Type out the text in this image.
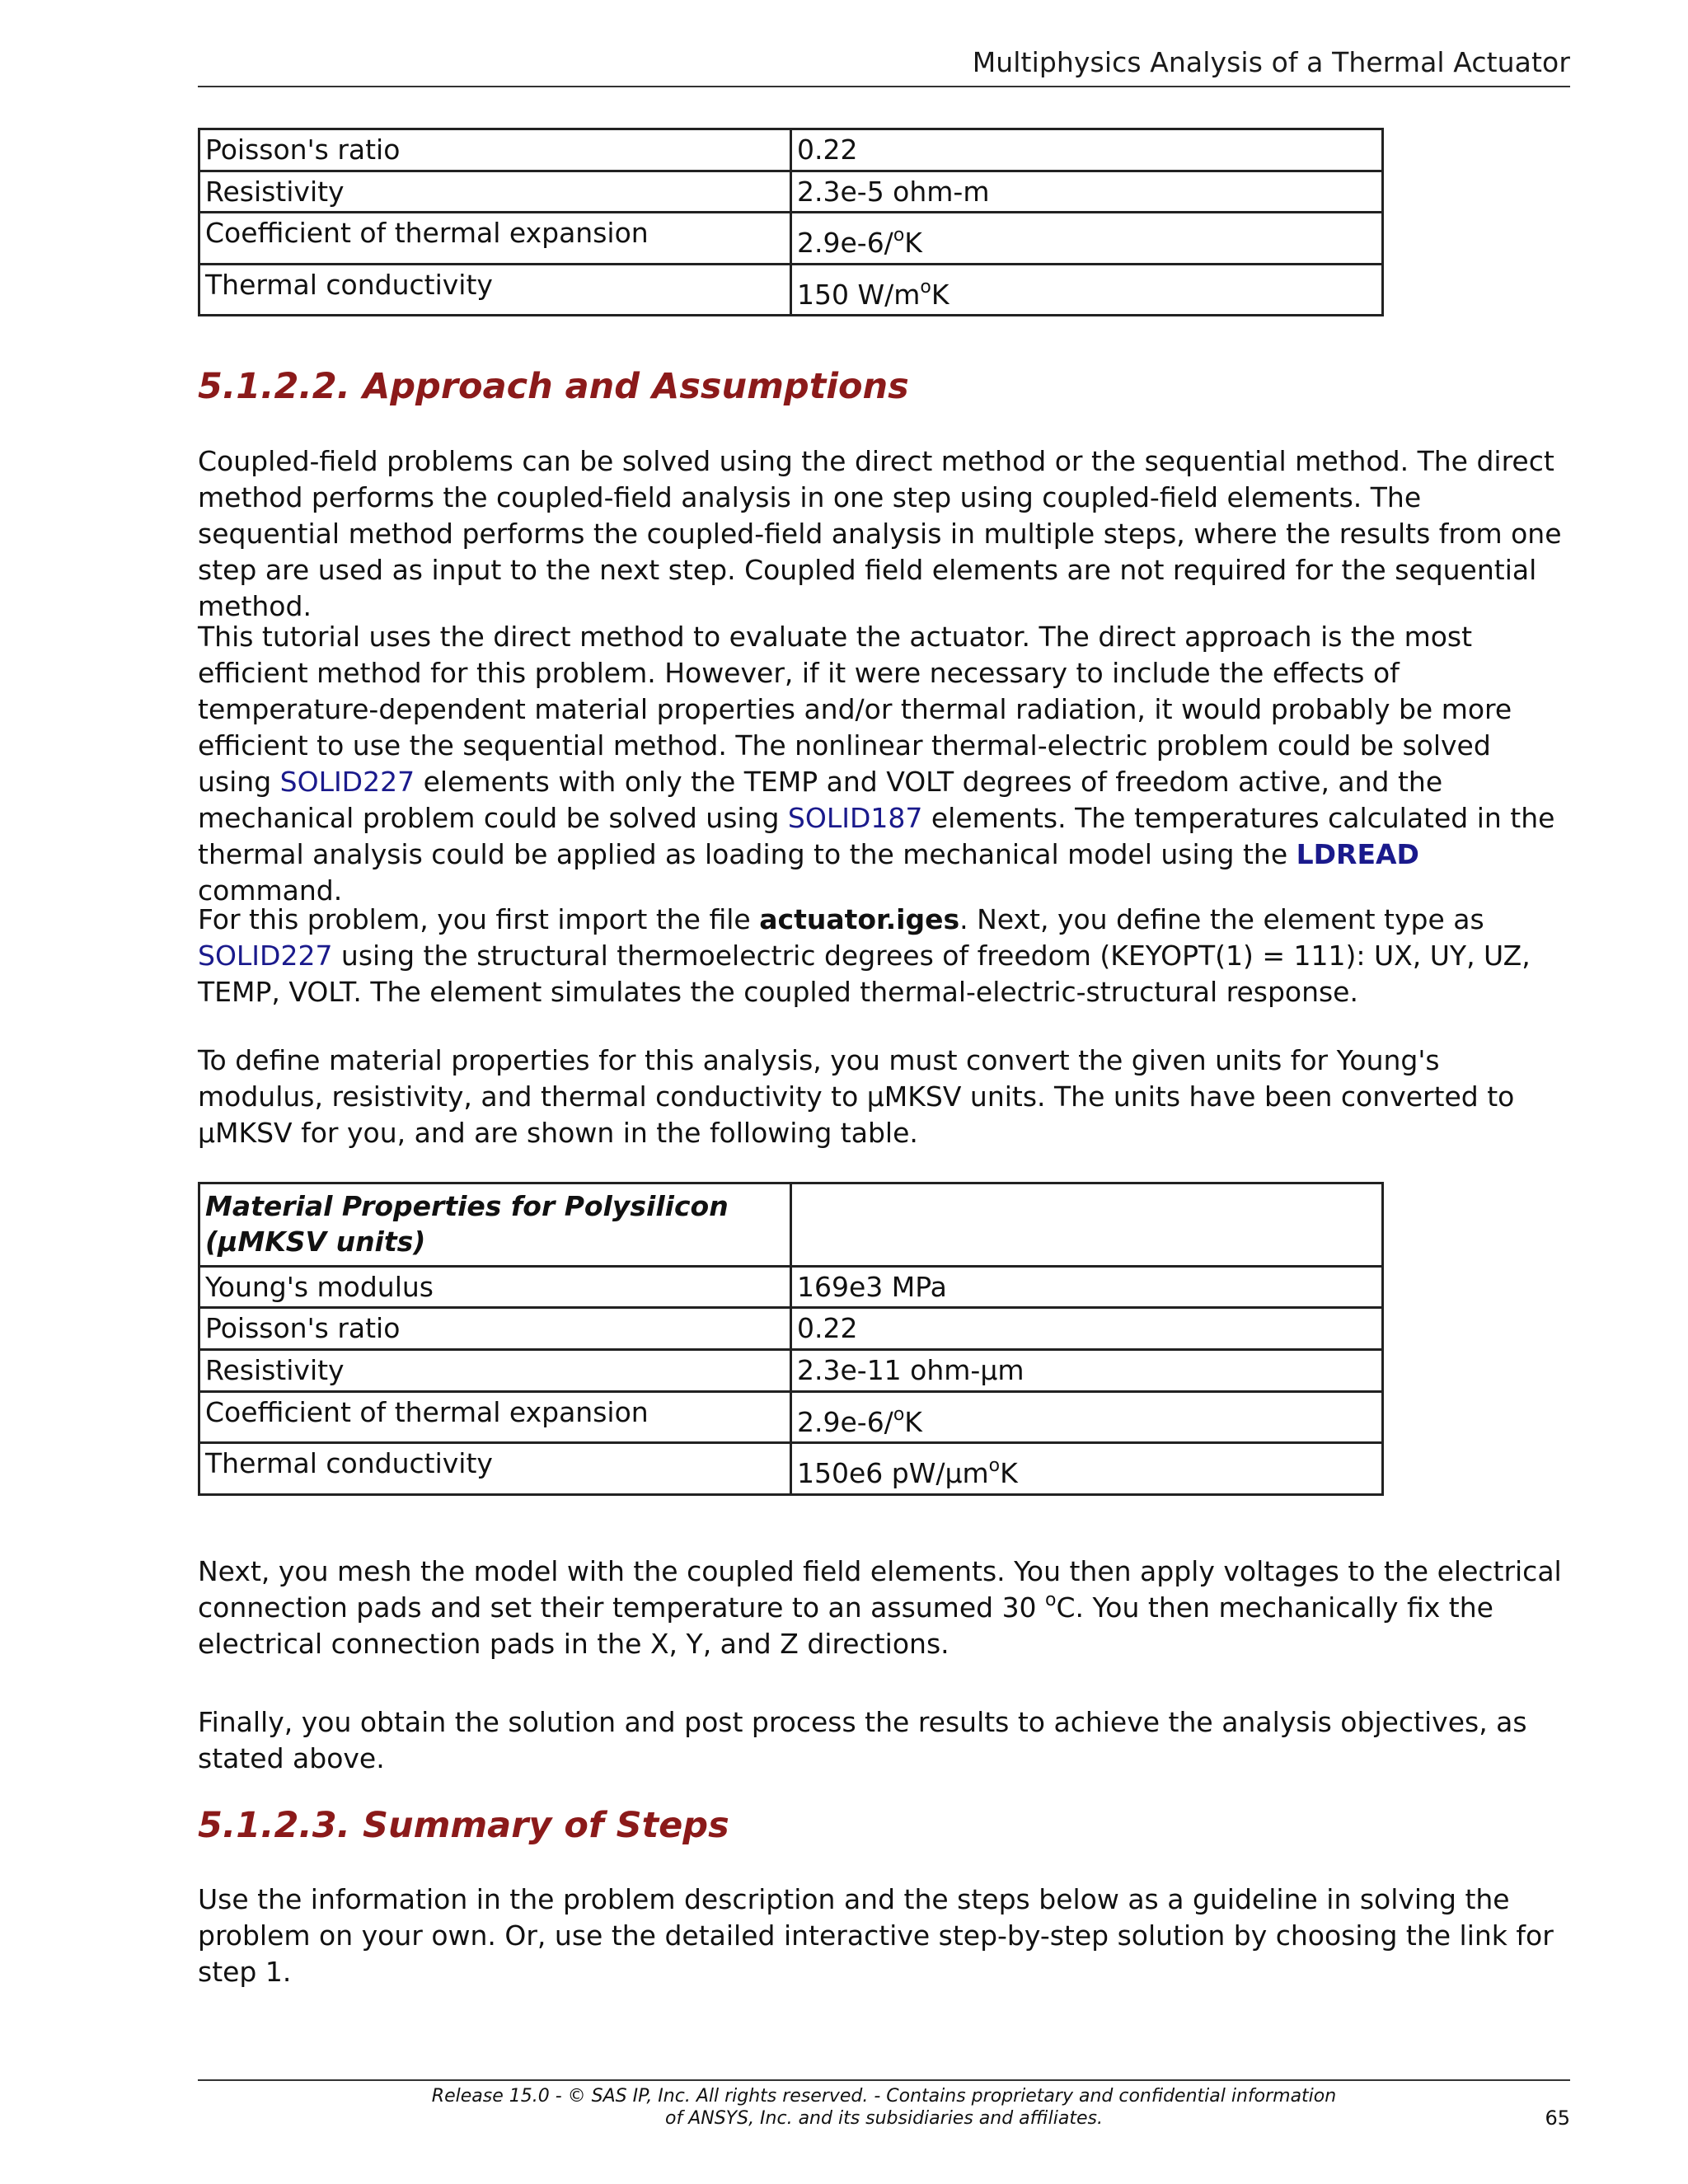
Multiphysics Analysis of a Thermal Actuator
Poisson's ratio	0.22
Resistivity	2.3e-5 ohm-m
Coefficient of thermal expansion	2.9e-6/$^o$K
Thermal conductivity	150 $W/m^oK$
5.1.2.2. Approach and Assumptions

Coupled-field problems can be solved using the direct method or the sequential method. The direct method performs the coupled-field analysis in one step using coupled-field elements. The sequential method performs the coupled-field analysis in multiple steps, where the results from one step are used as input to the next step. Coupled field elements are not required for the sequential method.

This tutorial uses the direct method to evaluate the actuator. The direct approach is the most efficient method for this problem. However, if it were necessary to include the effects of temperature-dependent material properties and/or thermal radiation, it would probably be more efficient to use the sequential method. The nonlinear thermal-electric problem could be solved using SOLID227 elements with only the TEMP and VOLT degrees of freedom active, and the mechanical problem could be solved using SOLID187 elements. The temperatures calculated in the thermal analysis could be applied as loading to the mechanical model using the LDREAD command.

For this problem, you first import the file actuator.iges. Next, you define the element type as SOLID227 using the structural thermoelectric degrees of freedom (KEYOPT(1) = 111): UX, UY, UZ, TEMP, VOLT. The element simulates the coupled thermal-electric-structural response.

To define material properties for this analysis, you must convert the given units for Young's modulus, resistivity, and thermal conductivity to μMKSV units. The units have been converted to μMKSV for you, and are shown in the following table.

Material Properties for Polysilicon (μMKSV units)	
Young's modulus	169e3 MPa
Poisson's ratio	0.22
Resistivity	2.3e-11 ohm-μm
Coefficient of thermal expansion	2.9e-6/$^o$K
Thermal conductivity	150e6 $pW/\mu m^oK$

Next, you mesh the model with the coupled field elements. You then apply voltages to the electrical connection pads and set their temperature to an assumed 30 $^o$C. You then mechanically fix the electrical connection pads in the X, Y, and Z directions.

Finally, you obtain the solution and post process the results to achieve the analysis objectives, as stated above.

5.1.2.3. Summary of Steps

Use the information in the problem description and the steps below as a guideline in solving the problem on your own. Or, use the detailed interactive step-by-step solution by choosing the link for step 1.

Release 15.0 - © SAS IP, Inc. All rights reserved. - Contains proprietary and confidential information
of ANSYS, Inc. and its subsidiaries and affiliates.	65
